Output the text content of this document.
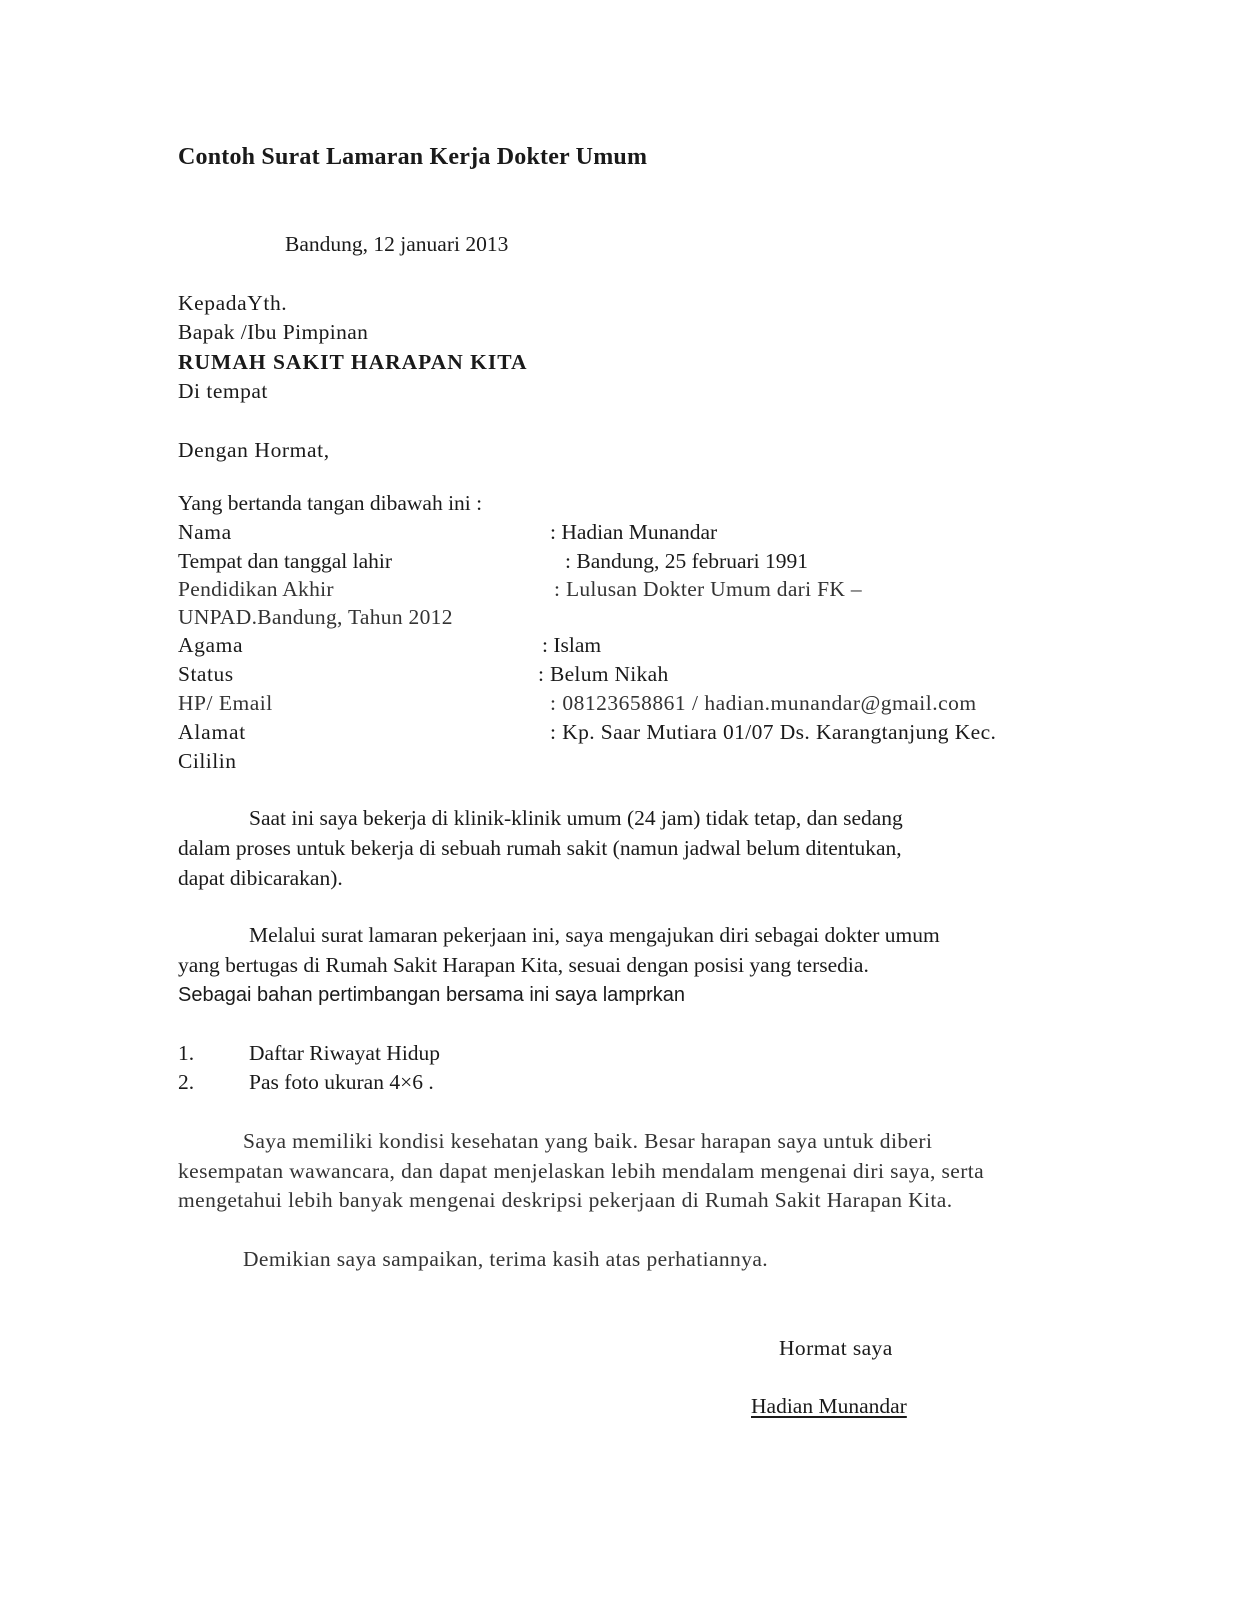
Contoh Surat Lamaran Kerja Dokter Umum
Bandung, 12 januari 2013
KepadaYth.
Bapak /Ibu Pimpinan
RUMAH SAKIT HARAPAN KITA
Di tempat
Dengan Hormat,
Yang bertanda tangan dibawah ini :
Nama	: Hadian Munandar
Tempat dan tanggal lahir	: Bandung, 25 februari 1991
Pendidikan Akhir	: Lulusan Dokter Umum dari FK –
UNPAD.Bandung, Tahun 2012
Agama	: Islam
Status	: Belum Nikah
HP/ Email	: 08123658861 / hadian.munandar@gmail.com
Alamat	: Kp. Saar Mutiara 01/07 Ds. Karangtanjung Kec.
Cililin
Saat ini saya bekerja di klinik-klinik umum (24 jam) tidak tetap, dan sedang
dalam proses untuk bekerja di sebuah rumah sakit (namun jadwal belum ditentukan,
dapat dibicarakan).
Melalui surat lamaran pekerjaan ini, saya mengajukan diri sebagai dokter umum
yang bertugas di Rumah Sakit Harapan Kita, sesuai dengan posisi yang tersedia.
Sebagai bahan pertimbangan bersama ini saya lamprkan
1.	Daftar Riwayat Hidup
2.	Pas foto ukuran 4×6 .
Saya memiliki kondisi kesehatan yang baik. Besar harapan saya untuk diberi
kesempatan wawancara, dan dapat menjelaskan lebih mendalam mengenai diri saya, serta
mengetahui lebih banyak mengenai deskripsi pekerjaan di Rumah Sakit Harapan Kita.
Demikian saya sampaikan, terima kasih atas perhatiannya.
Hormat saya
Hadian Munandar
